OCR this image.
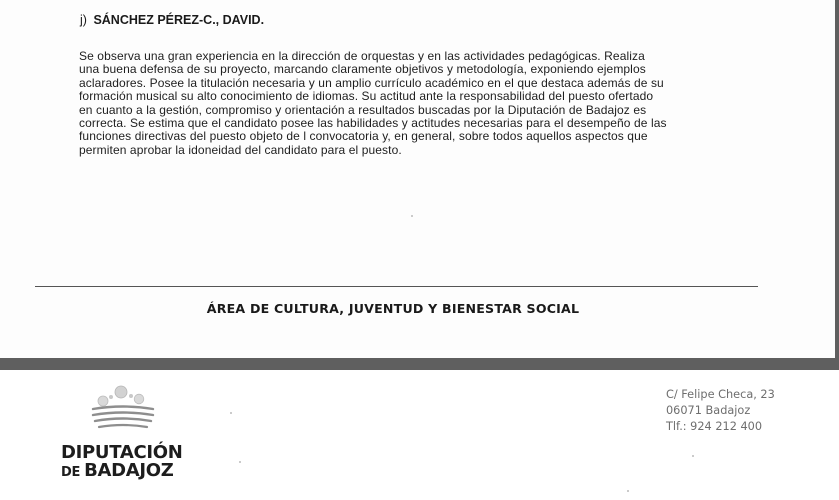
j) SÁNCHEZ PÉREZ-C., DAVID.
Se observa una gran experiencia en la dirección de orquestas y en las actividades pedagógicas. Realiza
una buena defensa de su proyecto, marcando claramente objetivos y metodología, exponiendo ejemplos
aclaradores. Posee la titulación necesaria y un amplio currículo académico en el que destaca además de su
formación musical su alto conocimiento de idiomas. Su actitud ante la responsabilidad del puesto ofertado
en cuanto a la gestión, compromiso y orientación a resultados buscadas por la Diputación de Badajoz es
correcta. Se estima que el candidato posee las habilidades y actitudes necesarias para el desempeño de las
funciones directivas del puesto objeto de l convocatoria y, en general, sobre todos aquellos aspectos que
permiten aprobar la idoneidad del candidato para el puesto.
ÁREA DE CULTURA, JUVENTUD Y BIENESTAR SOCIAL
DIPUTACIÓN
DE BADAJOZ
C/ Felipe Checa, 23
06071 Badajoz
Tlf.: 924 212 400
